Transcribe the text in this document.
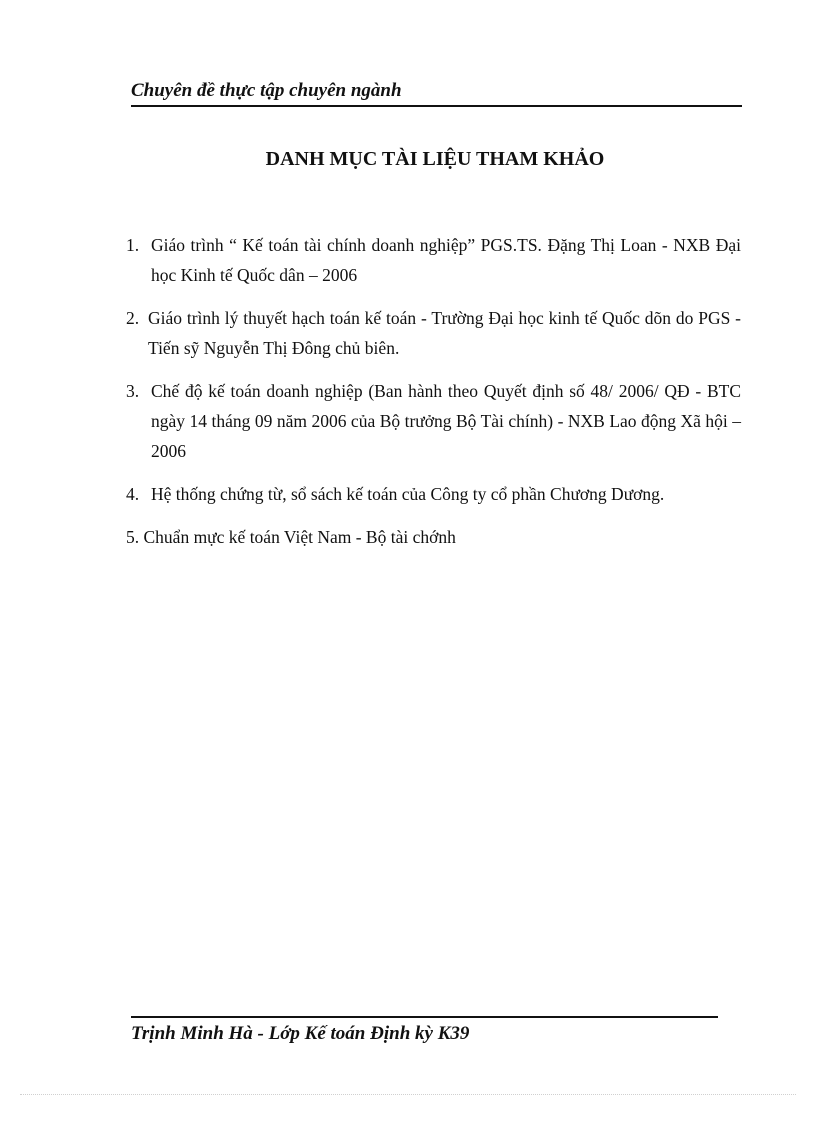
Chuyên đề thực tập chuyên ngành
DANH MỤC TÀI LIỆU THAM KHẢO

1. Giáo trình “ Kế toán tài chính doanh nghiệp” PGS.TS. Đặng Thị Loan - NXB Đại học Kinh tế Quốc dân – 2006

2. Giáo trình lý thuyết hạch toán kế toán - Trường Đại học kinh tế Quốc dõn do PGS - Tiến sỹ Nguyễn Thị Đông chủ biên.

3. Chế độ kế toán doanh nghiệp (Ban hành theo Quyết định số 48/ 2006/ QĐ - BTC ngày 14 tháng 09 năm 2006 của Bộ trưởng Bộ Tài chính) - NXB Lao động Xã hội – 2006

4. Hệ thống chứng từ, sổ sách kế toán của Công ty cổ phần Chương Dương.

5. Chuẩn mực kế toán Việt Nam - Bộ tài chớnh

Trịnh Minh Hà - Lớp Kế toán Định kỳ K39
